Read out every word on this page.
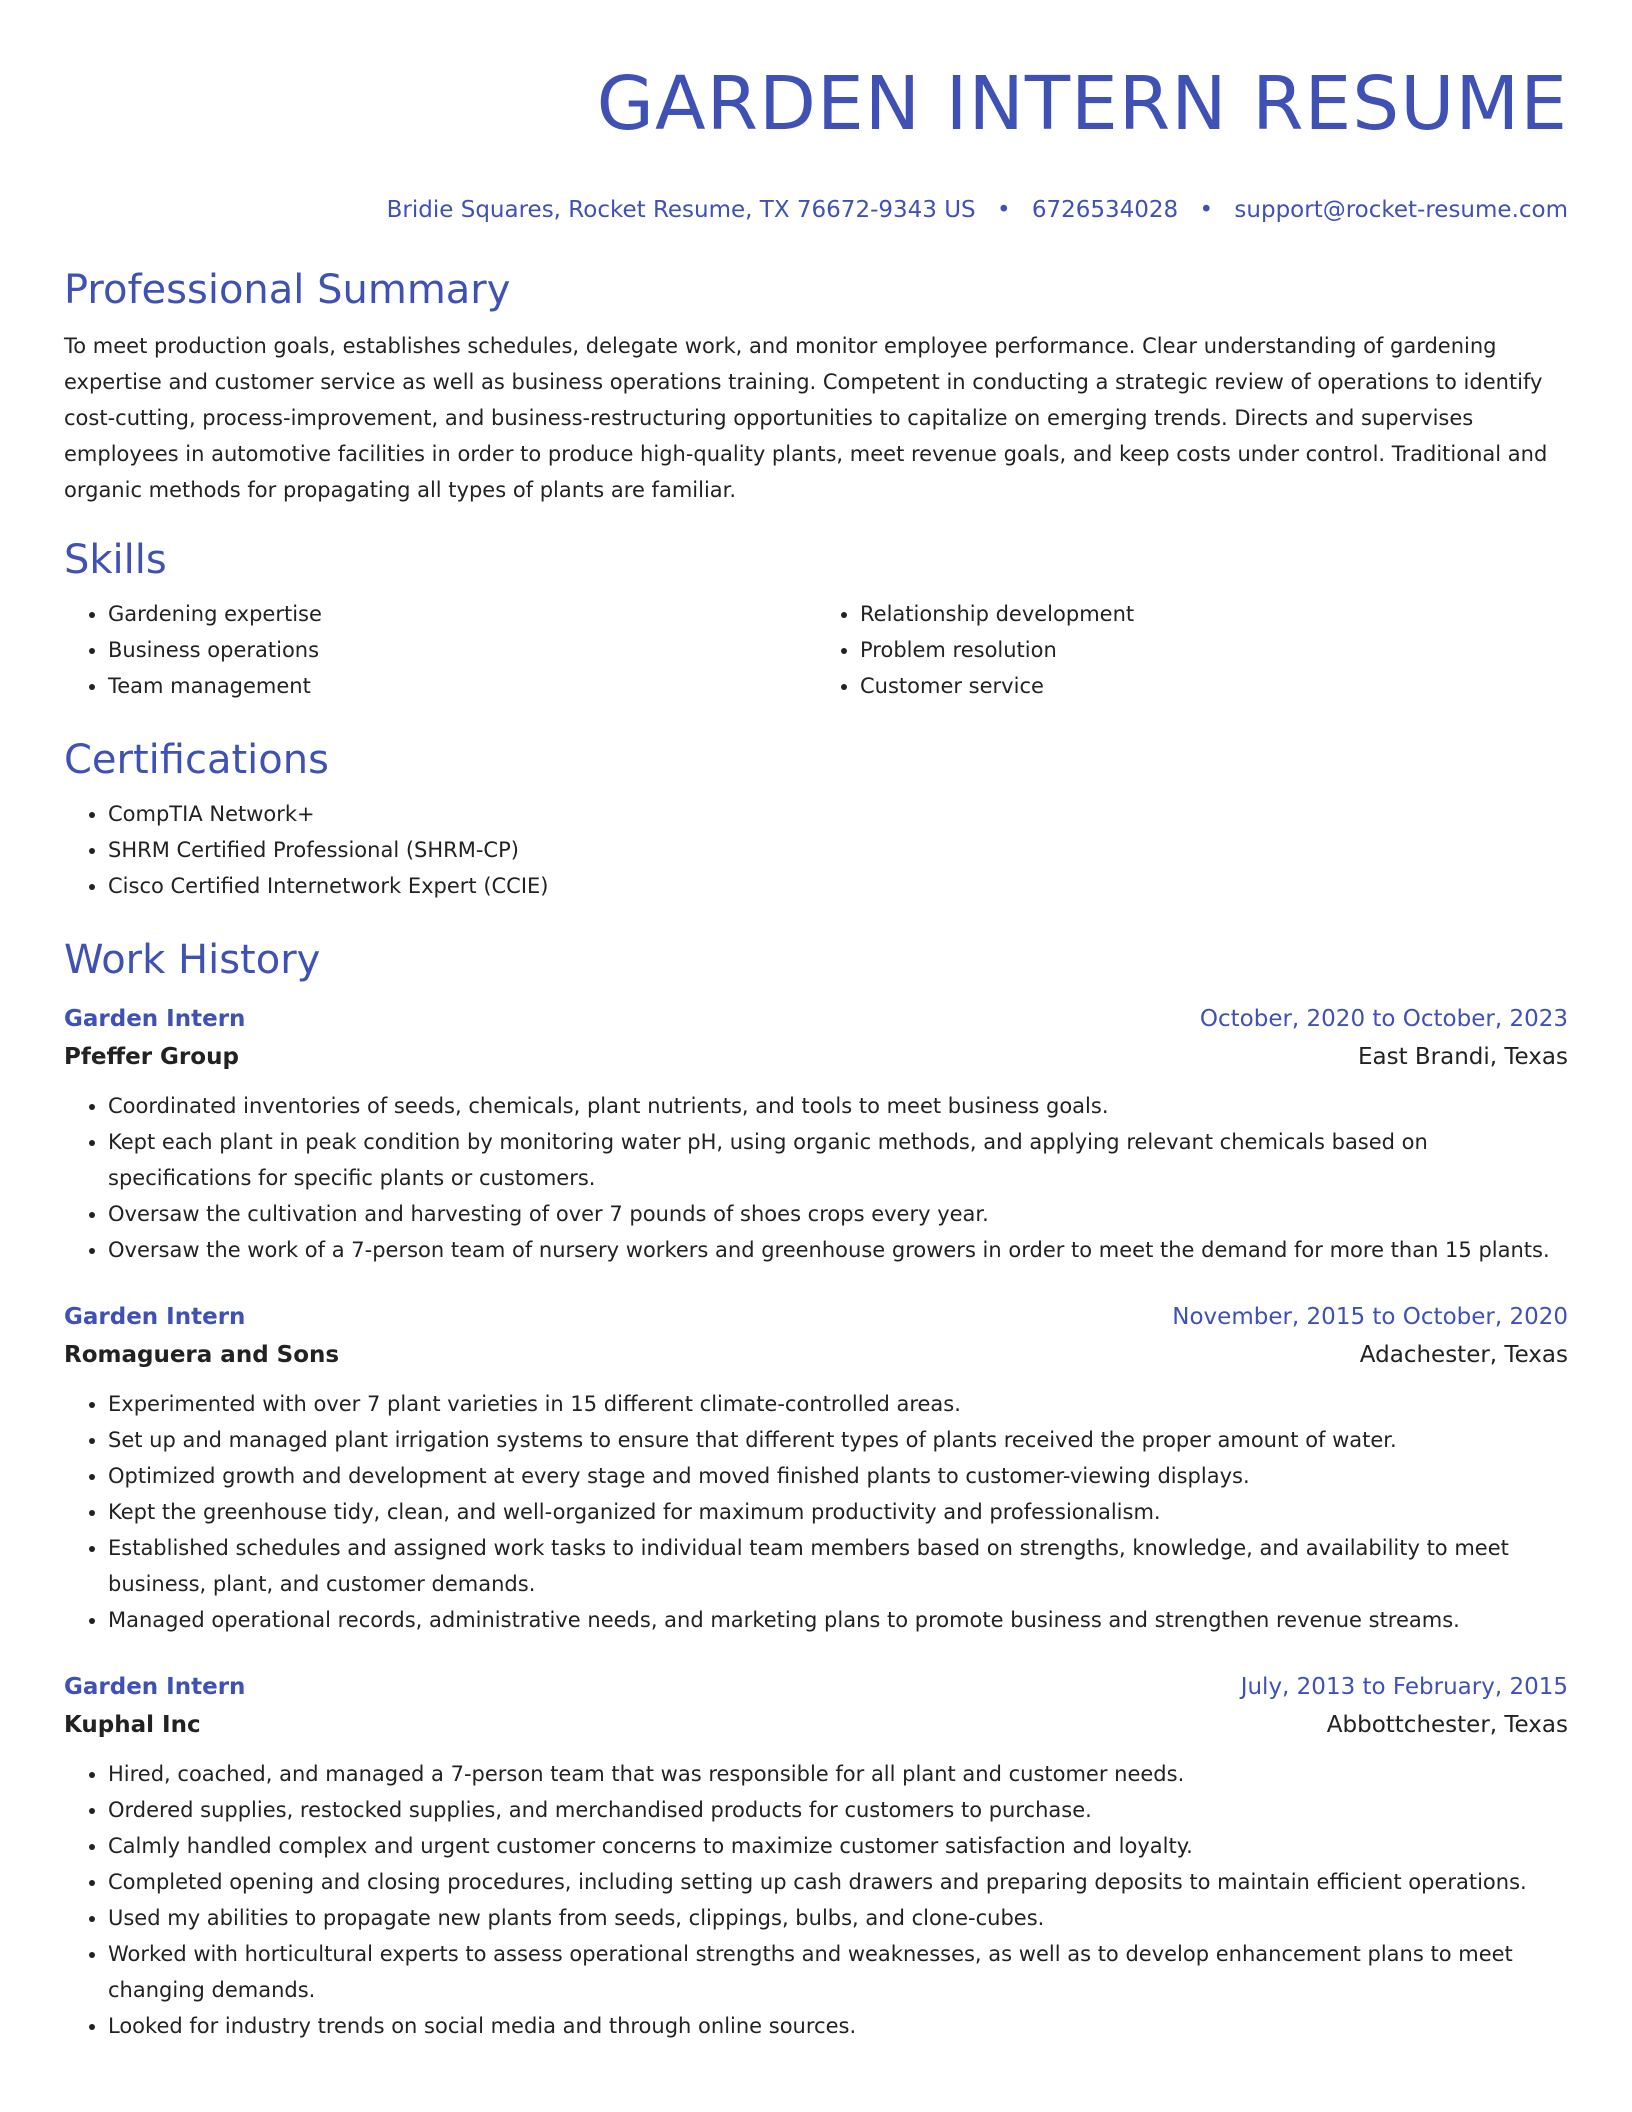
GARDEN INTERN RESUME
Bridie Squares, Rocket Resume, TX 76672-9343 US • 6726534028 • support@rocket-resume.com
Professional Summary

To meet production goals, establishes schedules, delegate work, and monitor employee performance. Clear understanding of gardening expertise and customer service as well as business operations training. Competent in conducting a strategic review of operations to identify cost-cutting, process-improvement, and business-restructuring opportunities to capitalize on emerging trends. Directs and supervises employees in automotive facilities in order to produce high-quality plants, meet revenue goals, and keep costs under control. Traditional and organic methods for propagating all types of plants are familiar.

Skills
• Gardening expertise
• Business operations
• Team management
• Relationship development
• Problem resolution
• Customer service
Certifications
• CompTIA Network+
• SHRM Certified Professional (SHRM-CP)
• Cisco Certified Internetwork Expert (CCIE)
Work History
Garden Intern	October, 2020 to October, 2023
Pfeffer Group	East Brandi, Texas
• Coordinated inventories of seeds, chemicals, plant nutrients, and tools to meet business goals.
• Kept each plant in peak condition by monitoring water pH, using organic methods, and applying relevant chemicals based on specifications for specific plants or customers.
• Oversaw the cultivation and harvesting of over 7 pounds of shoes crops every year.
• Oversaw the work of a 7-person team of nursery workers and greenhouse growers in order to meet the demand for more than 15 plants.
Garden Intern	November, 2015 to October, 2020
Romaguera and Sons	Adachester, Texas
• Experimented with over 7 plant varieties in 15 different climate-controlled areas.
• Set up and managed plant irrigation systems to ensure that different types of plants received the proper amount of water.
• Optimized growth and development at every stage and moved finished plants to customer-viewing displays.
• Kept the greenhouse tidy, clean, and well-organized for maximum productivity and professionalism.
• Established schedules and assigned work tasks to individual team members based on strengths, knowledge, and availability to meet business, plant, and customer demands.
• Managed operational records, administrative needs, and marketing plans to promote business and strengthen revenue streams.
Garden Intern	July, 2013 to February, 2015
Kuphal Inc	Abbottchester, Texas
• Hired, coached, and managed a 7-person team that was responsible for all plant and customer needs.
• Ordered supplies, restocked supplies, and merchandised products for customers to purchase.
• Calmly handled complex and urgent customer concerns to maximize customer satisfaction and loyalty.
• Completed opening and closing procedures, including setting up cash drawers and preparing deposits to maintain efficient operations.
• Used my abilities to propagate new plants from seeds, clippings, bulbs, and clone-cubes.
• Worked with horticultural experts to assess operational strengths and weaknesses, as well as to develop enhancement plans to meet changing demands.
• Looked for industry trends on social media and through online sources.
